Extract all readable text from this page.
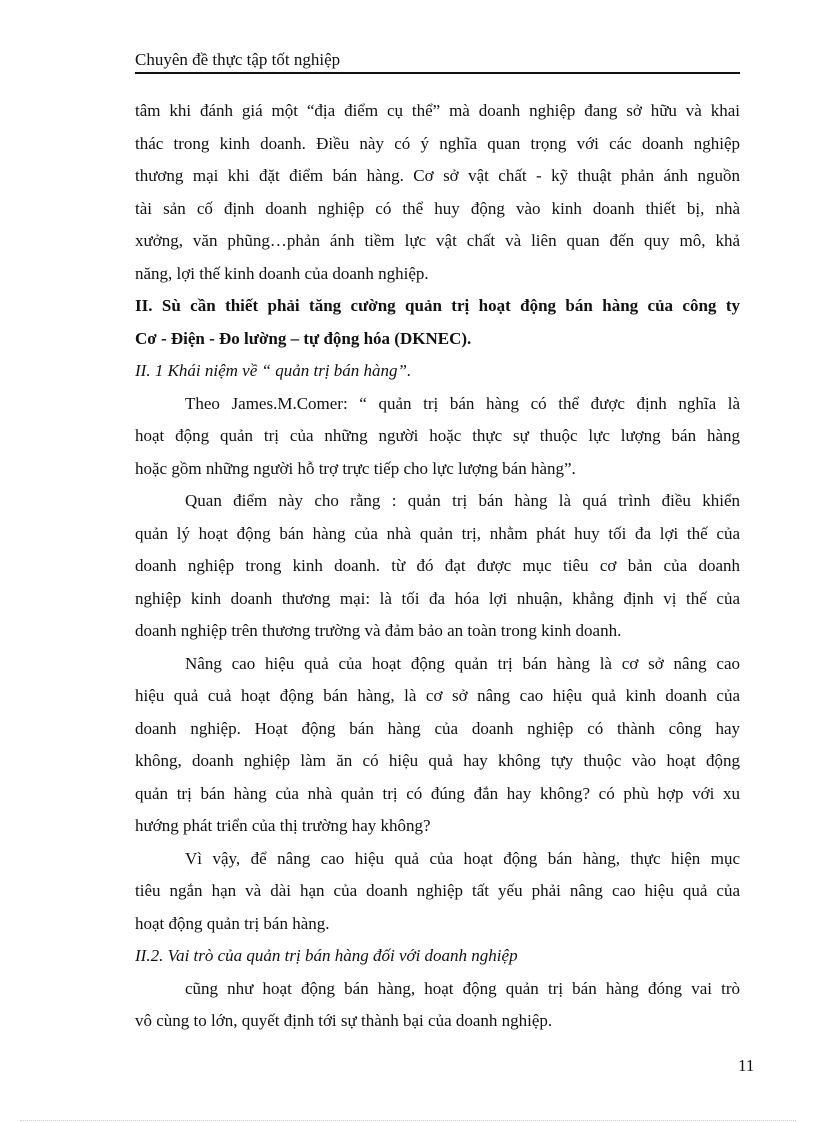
Chuyên đề thực tập tốt nghiệp
tâm khi đánh giá một “địa điểm cụ thể” mà doanh nghiệp đang sở hữu và khai
thác trong kinh doanh. Điều này có ý nghĩa quan trọng với các doanh nghiệp
thương mại khi đặt điểm bán hàng. Cơ sở vật chất - kỹ thuật phản ánh nguồn
tài sản cố định doanh nghiệp có thể huy động vào kinh doanh thiết bị, nhà
xưởng, văn phũng…phản ánh tiềm lực vật chất và liên quan đến quy mô, khả
năng, lợi thế kinh doanh của doanh nghiệp.
II. Sù cần thiết phải tăng cường quản trị hoạt động bán hàng của công ty
Cơ - Điện - Đo lường – tự động hóa (DKNEC).
II. 1 Khái niệm về “ quản trị bán hàng”.
Theo James.M.Comer: “ quản trị bán hàng có thể được định nghĩa là
hoạt động quản trị của những người hoặc thực sự thuộc lực lượng bán hàng
hoặc gồm những người hỗ trợ trực tiếp cho lực lượng bán hàng”.
Quan điểm này cho rằng : quản trị bán hàng là quá trình điều khiển
quản lý hoạt động bán hàng của nhà quản trị, nhằm phát huy tối đa lợi thế của
doanh nghiệp trong kinh doanh. từ đó đạt được mục tiêu cơ bản của doanh
nghiệp kinh doanh thương mại: là tối đa hóa lợi nhuận, khẳng định vị thế của
doanh nghiệp trên thương trường và đảm bảo an toàn trong kinh doanh.
Nâng cao hiệu quả của hoạt động quản trị bán hàng là cơ sở nâng cao
hiệu quả cuả hoạt động bán hàng, là cơ sở nâng cao hiệu quả kinh doanh của
doanh nghiệp. Hoạt động bán hàng của doanh nghiệp có thành công hay
không, doanh nghiệp làm ăn có hiệu quả hay không tựy thuộc vào hoạt động
quản trị bán hàng của nhà quản trị có đúng đắn hay không? có phù hợp với xu
hướng phát triển của thị trường hay không?
Vì vậy, để nâng cao hiệu quả của hoạt động bán hàng, thực hiện mục
tiêu ngắn hạn và dài hạn của doanh nghiệp tất yếu phải nâng cao hiệu quả của
hoạt động quản trị bán hàng.
II.2. Vai trò của quản trị bán hàng đối với doanh nghiệp
cũng như hoạt động bán hàng, hoạt động quản trị bán hàng đóng vai trò
vô cùng to lớn, quyết định tới sự thành bại của doanh nghiệp.
11
